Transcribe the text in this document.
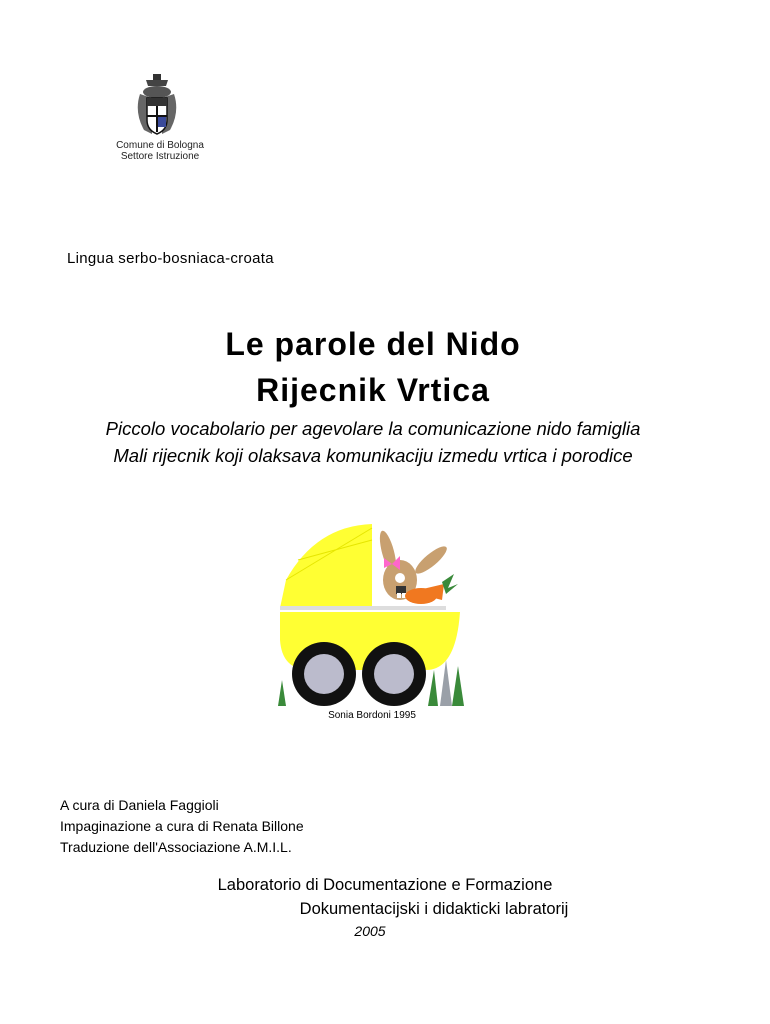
Comune di Bologna
Settore Istruzione
Lingua serbo-bosniaca-croata
Le parole del Nido
Rijecnik Vrtica
Piccolo vocabolario per agevolare la comunicazione nido famiglia
Mali rijecnik koji olaksava komunikaciju izmedu vrtica i porodice
Sonia Bordoni 1995
A cura di Daniela Faggioli
Impaginazione a cura di Renata Billone
Traduzione dell'Associazione A.M.I.L.
Laboratorio di Documentazione e Formazione
Dokumentacijski i didakticki labratorij
2005
